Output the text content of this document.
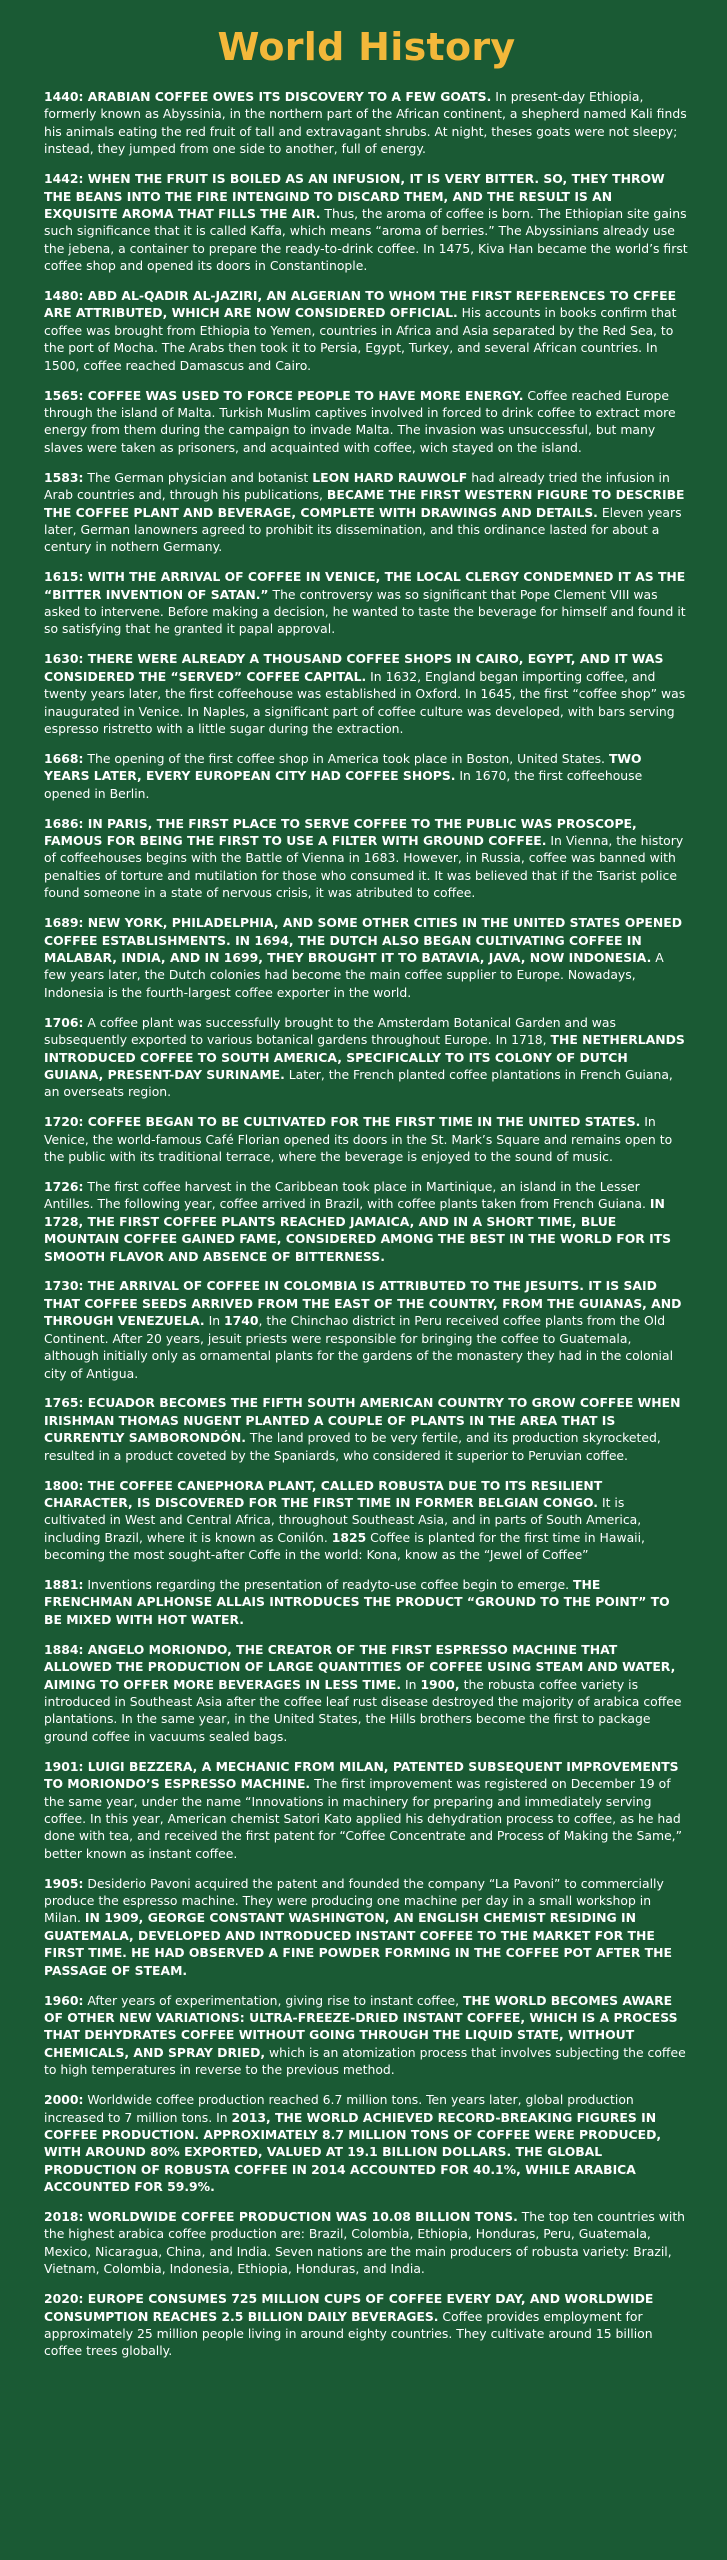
World History

1440: ARABIAN COFFEE OWES ITS DISCOVERY TO A FEW GOATS. In present-day Ethiopia, formerly known as Abyssinia, in the northern part of the African continent, a shepherd named Kali finds his animals eating the red fruit of tall and extravagant shrubs. At night, theses goats were not sleepy; instead, they jumped from one side to another, full of energy.

1442: WHEN THE FRUIT IS BOILED AS AN INFUSION, IT IS VERY BITTER. SO, THEY THROW THE BEANS INTO THE FIRE INTENGIND TO DISCARD THEM, AND THE RESULT IS AN EXQUISITE AROMA THAT FILLS THE AIR. Thus, the aroma of coffee is born. The Ethiopian site gains such significance that it is called Kaffa, which means “aroma of berries.” The Abyssinians already use the jebena, a container to prepare the ready-to-drink coffee. In 1475, Kiva Han became the world’s first coffee shop and opened its doors in Constantinople.

1480: ABD AL-QADIR AL-JAZIRI, AN ALGERIAN TO WHOM THE FIRST REFERENCES TO CFFEE ARE ATTRIBUTED, WHICH ARE NOW CONSIDERED OFFICIAL. His accounts in books confirm that coffee was brought from Ethiopia to Yemen, countries in Africa and Asia separated by the Red Sea, to the port of Mocha. The Arabs then took it to Persia, Egypt, Turkey, and several African countries. In 1500, coffee reached Damascus and Cairo.

1565: COFFEE WAS USED TO FORCE PEOPLE TO HAVE MORE ENERGY. Coffee reached Europe through the island of Malta. Turkish Muslim captives involved in forced to drink coffee to extract more energy from them during the campaign to invade Malta. The invasion was unsuccessful, but many slaves were taken as prisoners, and acquainted with coffee, wich stayed on the island.

1583: The German physician and botanist LEON HARD RAUWOLF had already tried the infusion in Arab countries and, through his publications, BECAME THE FIRST WESTERN FIGURE TO DESCRIBE THE COFFEE PLANT AND BEVERAGE, COMPLETE WITH DRAWINGS AND DETAILS. Eleven years later, German lanowners agreed to prohibit its dissemination, and this ordinance lasted for about a century in nothern Germany.

1615: WITH THE ARRIVAL OF COFFEE IN VENICE, THE LOCAL CLERGY CONDEMNED IT AS THE “BITTER INVENTION OF SATAN.” The controversy was so significant that Pope Clement VIII was asked to intervene. Before making a decision, he wanted to taste the beverage for himself and found it so satisfying that he granted it papal approval.

1630: THERE WERE ALREADY A THOUSAND COFFEE SHOPS IN CAIRO, EGYPT, AND IT WAS CONSIDERED THE “SERVED” COFFEE CAPITAL. In 1632, England began importing coffee, and twenty years later, the first coffeehouse was established in Oxford. In 1645, the first “coffee shop” was inaugurated in Venice. In Naples, a significant part of coffee culture was developed, with bars serving espresso ristretto with a little sugar during the extraction.

1668: The opening of the first coffee shop in America took place in Boston, United States. TWO YEARS LATER, EVERY EUROPEAN CITY HAD COFFEE SHOPS. In 1670, the first coffeehouse opened in Berlin.

1686: IN PARIS, THE FIRST PLACE TO SERVE COFFEE TO THE PUBLIC WAS PROSCOPE, FAMOUS FOR BEING THE FIRST TO USE A FILTER WITH GROUND COFFEE. In Vienna, the history of coffeehouses begins with the Battle of Vienna in 1683. However, in Russia, coffee was banned with penalties of torture and mutilation for those who consumed it. It was believed that if the Tsarist police found someone in a state of nervous crisis, it was atributed to coffee.

1689: NEW YORK, PHILADELPHIA, AND SOME OTHER CITIES IN THE UNITED STATES OPENED COFFEE ESTABLISHMENTS. IN 1694, THE DUTCH ALSO BEGAN CULTIVATING COFFEE IN MALABAR, INDIA, AND IN 1699, THEY BROUGHT IT TO BATAVIA, JAVA, NOW INDONESIA. A few years later, the Dutch colonies had become the main coffee supplier to Europe. Nowadays, Indonesia is the fourth-largest coffee exporter in the world.

1706: A coffee plant was successfully brought to the Amsterdam Botanical Garden and was subsequently exported to various botanical gardens throughout Europe. In 1718, THE NETHERLANDS INTRODUCED COFFEE TO SOUTH AMERICA, SPECIFICALLY TO ITS COLONY OF DUTCH GUIANA, PRESENT-DAY SURINAME. Later, the French planted coffee plantations in French Guiana, an overseats region.

1720: COFFEE BEGAN TO BE CULTIVATED FOR THE FIRST TIME IN THE UNITED STATES. In Venice, the world-famous Café Florian opened its doors in the St. Mark’s Square and remains open to the public with its traditional terrace, where the beverage is enjoyed to the sound of music.

1726: The first coffee harvest in the Caribbean took place in Martinique, an island in the Lesser Antilles. The following year, coffee arrived in Brazil, with coffee plants taken from French Guiana. IN 1728, THE FIRST COFFEE PLANTS REACHED JAMAICA, AND IN A SHORT TIME, BLUE MOUNTAIN COFFEE GAINED FAME, CONSIDERED AMONG THE BEST IN THE WORLD FOR ITS SMOOTH FLAVOR AND ABSENCE OF BITTERNESS.

1730: THE ARRIVAL OF COFFEE IN COLOMBIA IS ATTRIBUTED TO THE JESUITS. IT IS SAID THAT COFFEE SEEDS ARRIVED FROM THE EAST OF THE COUNTRY, FROM THE GUIANAS, AND THROUGH VENEZUELA. In 1740, the Chinchao district in Peru received coffee plants from the Old Continent. After 20 years, jesuit priests were responsible for bringing the coffee to Guatemala, although initially only as ornamental plants for the gardens of the monastery they had in the colonial city of Antigua.

1765: ECUADOR BECOMES THE FIFTH SOUTH AMERICAN COUNTRY TO GROW COFFEE WHEN IRISHMAN THOMAS NUGENT PLANTED A COUPLE OF PLANTS IN THE AREA THAT IS CURRENTLY SAMBORONDÓN. The land proved to be very fertile, and its production skyrocketed, resulted in a product coveted by the Spaniards, who considered it superior to Peruvian coffee.

1800: THE COFFEE CANEPHORA PLANT, CALLED ROBUSTA DUE TO ITS RESILIENT CHARACTER, IS DISCOVERED FOR THE FIRST TIME IN FORMER BELGIAN CONGO. It is cultivated in West and Central Africa, throughout Southeast Asia, and in parts of South America, including Brazil, where it is known as Conilón. 1825 Coffee is planted for the first time in Hawaii, becoming the most sought-after Coffe in the world: Kona, know as the “Jewel of Coffee”

1881: Inventions regarding the presentation of readyto-use coffee begin to emerge. THE FRENCHMAN APLHONSE ALLAIS INTRODUCES THE PRODUCT “GROUND TO THE POINT” TO BE MIXED WITH HOT WATER.

1884: ANGELO MORIONDO, THE CREATOR OF THE FIRST ESPRESSO MACHINE THAT ALLOWED THE PRODUCTION OF LARGE QUANTITIES OF COFFEE USING STEAM AND WATER, AIMING TO OFFER MORE BEVERAGES IN LESS TIME. In 1900, the robusta coffee variety is introduced in Southeast Asia after the coffee leaf rust disease destroyed the majority of arabica coffee plantations. In the same year, in the United States, the Hills brothers become the first to package ground coffee in vacuums sealed bags.

1901: LUIGI BEZZERA, A MECHANIC FROM MILAN, PATENTED SUBSEQUENT IMPROVEMENTS TO MORIONDO’S ESPRESSO MACHINE. The first improvement was registered on December 19 of the same year, under the name “Innovations in machinery for preparing and immediately serving coffee. In this year, American chemist Satori Kato applied his dehydration process to coffee, as he had done with tea, and received the first patent for “Coffee Concentrate and Process of Making the Same,” better known as instant coffee.

1905: Desiderio Pavoni acquired the patent and founded the company “La Pavoni” to commercially produce the espresso machine. They were producing one machine per day in a small workshop in Milan. IN 1909, GEORGE CONSTANT WASHINGTON, AN ENGLISH CHEMIST RESIDING IN GUATEMALA, DEVELOPED AND INTRODUCED INSTANT COFFEE TO THE MARKET FOR THE FIRST TIME. HE HAD OBSERVED A FINE POWDER FORMING IN THE COFFEE POT AFTER THE PASSAGE OF STEAM.

1960: After years of experimentation, giving rise to instant coffee, THE WORLD BECOMES AWARE OF OTHER NEW VARIATIONS: ULTRA-FREEZE-DRIED INSTANT COFFEE, WHICH IS A PROCESS THAT DEHYDRATES COFFEE WITHOUT GOING THROUGH THE LIQUID STATE, WITHOUT CHEMICALS, AND SPRAY DRIED, which is an atomization process that involves subjecting the coffee to high temperatures in reverse to the previous method.

2000: Worldwide coffee production reached 6.7 million tons. Ten years later, global production increased to 7 million tons. In 2013, THE WORLD ACHIEVED RECORD-BREAKING FIGURES IN COFFEE PRODUCTION. APPROXIMATELY 8.7 MILLION TONS OF COFFEE WERE PRODUCED, WITH AROUND 80% EXPORTED, VALUED AT 19.1 BILLION DOLLARS. THE GLOBAL PRODUCTION OF ROBUSTA COFFEE IN 2014 ACCOUNTED FOR 40.1%, WHILE ARABICA ACCOUNTED FOR 59.9%.

2018: WORLDWIDE COFFEE PRODUCTION WAS 10.08 BILLION TONS. The top ten countries with the highest arabica coffee production are: Brazil, Colombia, Ethiopia, Honduras, Peru, Guatemala, Mexico, Nicaragua, China, and India. Seven nations are the main producers of robusta variety: Brazil, Vietnam, Colombia, Indonesia, Ethiopia, Honduras, and India.

2020: EUROPE CONSUMES 725 MILLION CUPS OF COFFEE EVERY DAY, AND WORLDWIDE CONSUMPTION REACHES 2.5 BILLION DAILY BEVERAGES. Coffee provides employment for approximately 25 million people living in around eighty countries. They cultivate around 15 billion coffee trees globally.
